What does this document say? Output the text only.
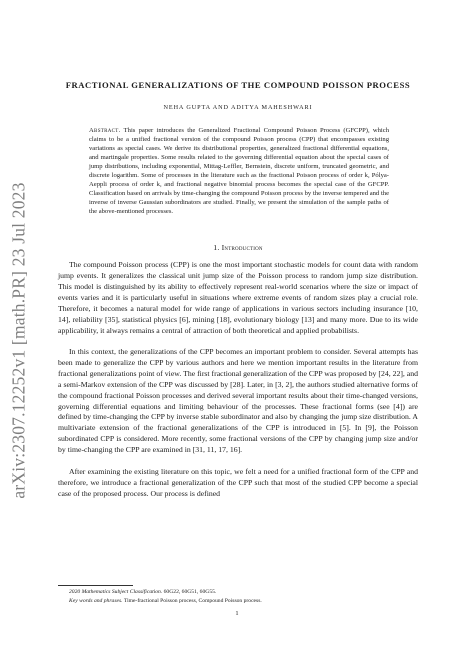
arXiv:2307.12252v1 [math.PR] 23 Jul 2023

FRACTIONAL GENERALIZATIONS OF THE COMPOUND POISSON PROCESS

NEHA GUPTA AND ADITYA MAHESHWARI
Abstract. This paper introduces the Generalized Fractional Compound Poisson Process (GFCPP), which claims to be a unified fractional version of the compound Poisson process (CPP) that encompasses existing variations as special cases. We derive its distributional properties, generalized fractional differential equations, and martingale properties. Some results related to the governing differential equation about the special cases of jump distributions, including exponential, Mittag-Leffler, Bernstein, discrete uniform, truncated geometric, and discrete logarithm. Some of processes in the literature such as the fractional Poisson process of order k, Pólya-Aeppli process of order k, and fractional negative binomial process becomes the special case of the GFCPP. Classification based on arrivals by time-changing the compound Poisson process by the inverse tempered and the inverse of inverse Gaussian subordinators are studied. Finally, we present the simulation of the sample paths of the above-mentioned processes.
1. Introduction

The compound Poisson process (CPP) is one the most important stochastic models for count data with random jump events. It generalizes the classical unit jump size of the Poisson process to random jump size distribution. This model is distinguished by its ability to effectively represent real-world scenarios where the size or impact of events varies and it is particularly useful in situations where extreme events of random sizes play a crucial role. Therefore, it becomes a natural model for wide range of applications in various sectors including insurance [10, 14], reliability [35], statistical physics [6], mining [18], evolutionary biology [13] and many more. Due to its wide applicability, it always remains a central of attraction of both theoretical and applied probabilists.

In this context, the generalizations of the CPP becomes an important problem to consider. Several attempts has been made to generalize the CPP by various authors and here we mention important results in the literature from fractional generalizations point of view. The first fractional generalization of the CPP was proposed by [24, 22], and a semi-Markov extension of the CPP was discussed by [28]. Later, in [3, 2], the authors studied alternative forms of the compound fractional Poisson processes and derived several important results about their time-changed versions, governing differential equations and limiting behaviour of the processes. These fractional forms (see [4]) are defined by time-changing the CPP by inverse stable subordinator and also by changing the jump size distribution. A multivariate extension of the fractional generalizations of the CPP is introduced in [5]. In [9], the Poisson subordinated CPP is considered. More recently, some fractional versions of the CPP by changing jump size and/or by time-changing the CPP are examined in [31, 11, 17, 16].

After examining the existing literature on this topic, we felt a need for a unified fractional form of the CPP and therefore, we introduce a fractional generalization of the CPP such that most of the studied CPP become a special case of the proposed process. Our process is defined

2020 Mathematics Subject Classification. 60G22, 60G51, 60G55.
Key words and phrases. Time-fractional Poisson process, Compound Poisson process.
1
